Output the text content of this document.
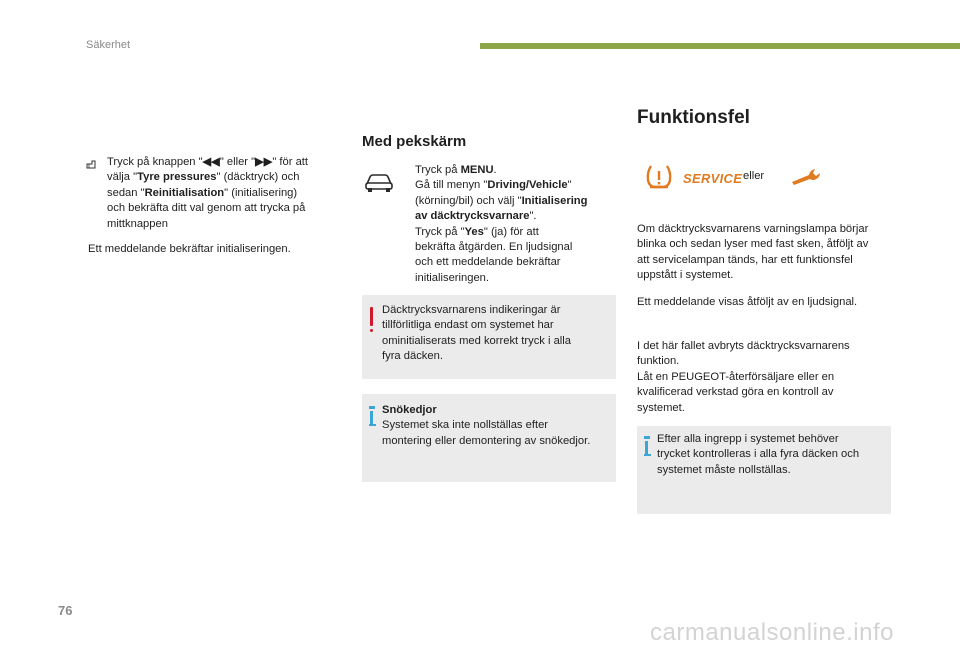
Säkerhet
Tryck på knappen "◀◀" eller "▶▶" för att
välja "Tyre pressures" (däcktryck) och
sedan "Reinitialisation" (initialisering)
och bekräfta ditt val genom att trycka på
mittknappen
Ett meddelande bekräftar initialiseringen.
Med pekskärm
Tryck på MENU.
Gå till menyn "Driving/Vehicle"
(körning/bil) och välj "Initialisering
av däcktrycksvarnare".
Tryck på "Yes" (ja) för att
bekräfta åtgärden. En ljudsignal
och ett meddelande bekräftar
initialiseringen.
Däcktrycksvarnarens indikeringar är
tillförlitliga endast om systemet har
ominitialiserats med korrekt tryck i alla
fyra däcken.
Snökedjor
Systemet ska inte nollställas efter
montering eller demontering av snökedjor.
Funktionsfel
SERVICE eller
Om däcktrycksvarnarens varningslampa börjar
blinka och sedan lyser med fast sken, åtföljt av
att servicelampan tänds, har ett funktionsfel
uppstått i systemet.
Ett meddelande visas åtföljt av en ljudsignal.
I det här fallet avbryts däcktrycksvarnarens
funktion.
Låt en PEUGEOT-återförsäljare eller en
kvalificerad verkstad göra en kontroll av
systemet.
Efter alla ingrepp i systemet behöver
trycket kontrolleras i alla fyra däcken och
systemet måste nollställas.
76
carmanualsonline.info
